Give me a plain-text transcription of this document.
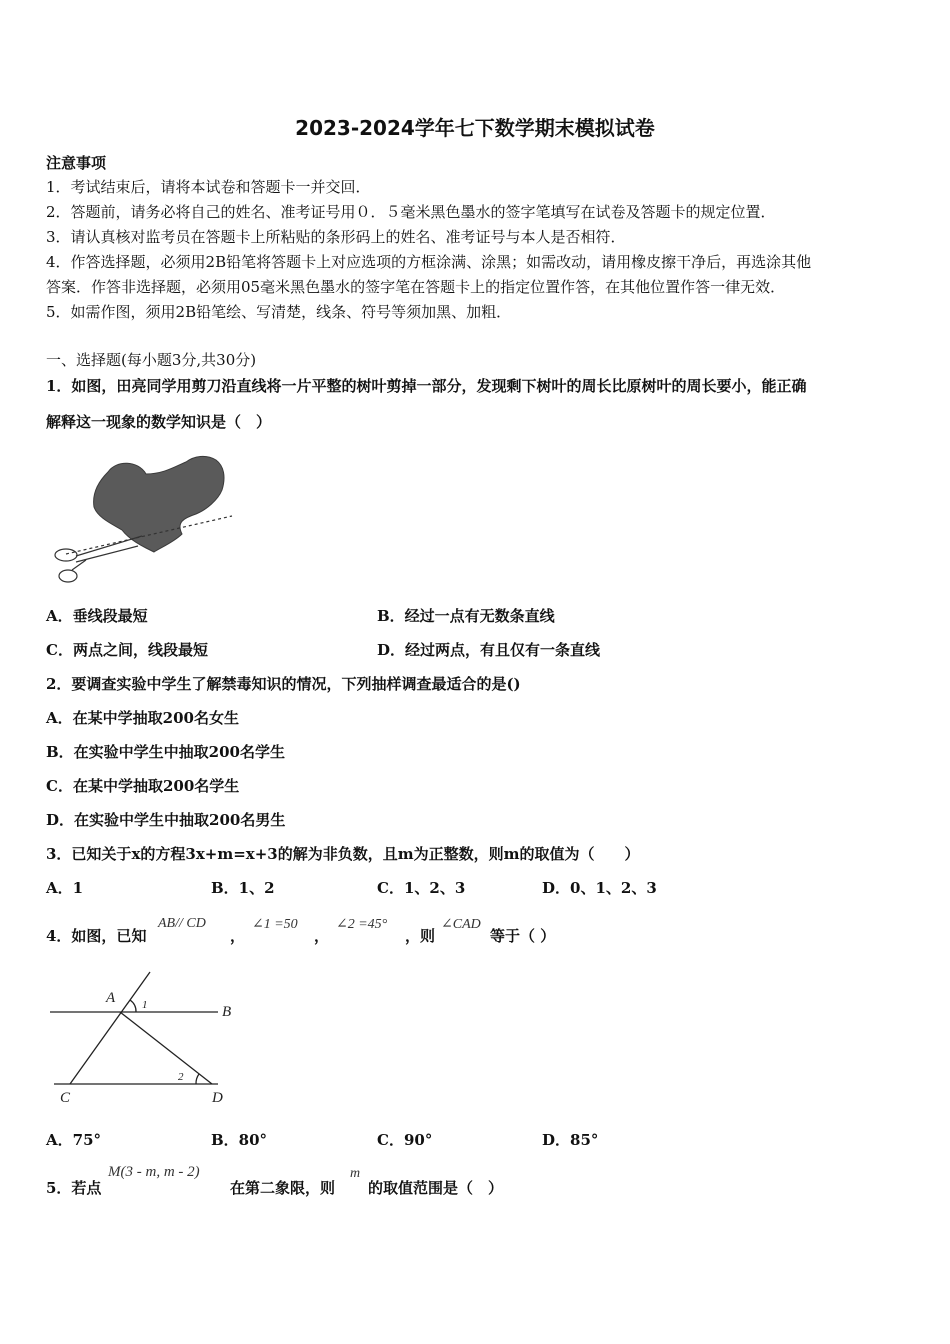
2023-2024学年七下数学期末模拟试卷
注意事项
1．考试结束后，请将本试卷和答题卡一并交回．
2．答题前，请务必将自己的姓名、准考证号用０．５毫米黑色墨水的签字笔填写在试卷及答题卡的规定位置．
3．请认真核对监考员在答题卡上所粘贴的条形码上的姓名、准考证号与本人是否相符．
4．作答选择题，必须用2B铅笔将答题卡上对应选项的方框涂满、涂黑；如需改动，请用橡皮擦干净后，再选涂其他
答案．作答非选择题，必须用05毫米黑色墨水的签字笔在答题卡上的指定位置作答，在其他位置作答一律无效．
5．如需作图，须用2B铅笔绘、写清楚，线条、符号等须加黑、加粗．
一、选择题(每小题3分,共30分)
1．如图，田亮同学用剪刀沿直线将一片平整的树叶剪掉一部分，发现剩下树叶的周长比原树叶的周长要小，能正确
解释这一现象的数学知识是（　）
A．垂线段最短	B．经过一点有无数条直线
C．两点之间，线段最短	D．经过两点，有且仅有一条直线
2．要调查实验中学生了解禁毒知识的情况，下列抽样调查最适合的是()
A．在某中学抽取200名女生
B．在实验中学生中抽取200名学生
C．在某中学抽取200名学生
D．在实验中学生中抽取200名男生
3．已知关于x的方程3x+m=x+3的解为非负数，且m为正整数，则m的取值为（　　）
A．1	B．1、2	C．1、2、3	D．0、1、2、3
4．如图，已知
AB// CD
，
∠1 =50
，
∠2 =45°
，则
∠CAD
等于（ ）
A
B
C	D
1
2
A．75°	B．80°	C．90°	D．85°
5．若点
M(3 - m, m - 2)
在第二象限，则
m
的取值范围是（　）
